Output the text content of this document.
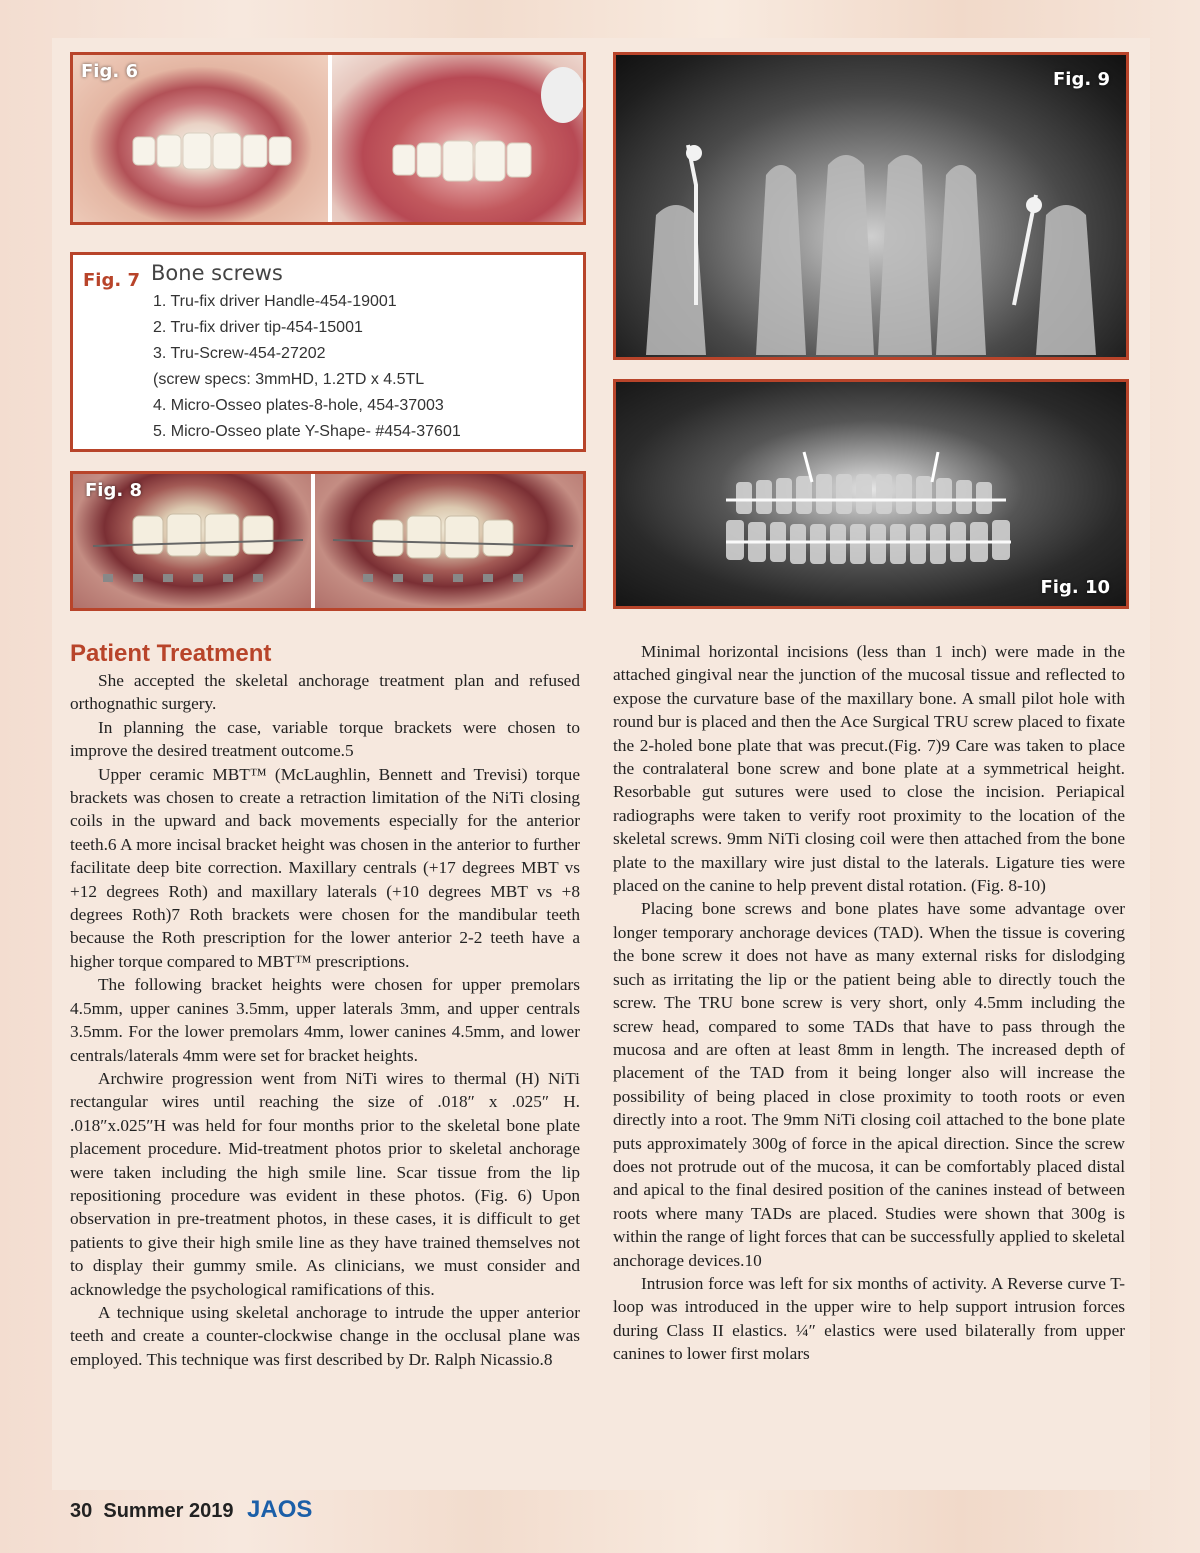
Fig. 6
Fig. 7 Bone screws
1. Tru-fix driver Handle-454-19001
2. Tru-fix driver tip-454-15001
3. Tru-Screw-454-27202
(screw specs: 3mmHD, 1.2TD x 4.5TL
4. Micro-Osseo plates-8-hole, 454-37003
5. Micro-Osseo plate Y-Shape- #454-37601
Fig. 8
Fig. 9
Fig. 10
Patient Treatment

She accepted the skeletal anchorage treatment plan and refused orthognathic surgery.

In planning the case, variable torque brackets were chosen to improve the desired treatment outcome.5

Upper ceramic MBT™ (McLaughlin, Bennett and Trevisi) torque brackets was chosen to create a retraction limitation of the NiTi closing coils in the upward and back movements especially for the anterior teeth.6 A more incisal bracket height was chosen in the anterior to further facilitate deep bite correction. Maxillary centrals (+17 degrees MBT vs +12 degrees Roth) and maxillary laterals (+10 degrees MBT vs +8 degrees Roth)7 Roth brackets were chosen for the mandibular teeth because the Roth prescription for the lower anterior 2-2 teeth have a higher torque compared to MBT™ prescriptions.

The following bracket heights were chosen for upper premolars 4.5mm, upper canines 3.5mm, upper laterals 3mm, and upper centrals 3.5mm. For the lower premolars 4mm, lower canines 4.5mm, and lower centrals/laterals 4mm were set for bracket heights.

Archwire progression went from NiTi wires to thermal (H) NiTi rectangular wires until reaching the size of .018″ x .025″ H. .018″x.025″H was held for four months prior to the skeletal bone plate placement procedure. Mid-treatment photos prior to skeletal anchorage were taken including the high smile line. Scar tissue from the lip repositioning procedure was evident in these photos. (Fig. 6) Upon observation in pre-treatment photos, in these cases, it is difficult to get patients to give their high smile line as they have trained themselves not to display their gummy smile. As clinicians, we must consider and acknowledge the psychological ramifications of this.

A technique using skeletal anchorage to intrude the upper anterior teeth and create a counter-clockwise change in the occlusal plane was employed. This technique was first described by Dr. Ralph Nicassio.8

Minimal horizontal incisions (less than 1 inch) were made in the attached gingival near the junction of the mucosal tissue and reflected to expose the curvature base of the maxillary bone. A small pilot hole with round bur is placed and then the Ace Surgical TRU screw placed to fixate the 2-holed bone plate that was precut.(Fig. 7)9 Care was taken to place the contralateral bone screw and bone plate at a symmetrical height. Resorbable gut sutures were used to close the incision. Periapical radiographs were taken to verify root proximity to the location of the skeletal screws. 9mm NiTi closing coil were then attached from the bone plate to the maxillary wire just distal to the laterals. Ligature ties were placed on the canine to help prevent distal rotation. (Fig. 8-10)

Placing bone screws and bone plates have some advantage over longer temporary anchorage devices (TAD). When the tissue is covering the bone screw it does not have as many external risks for dislodging such as irritating the lip or the patient being able to directly touch the screw. The TRU bone screw is very short, only 4.5mm including the screw head, compared to some TADs that have to pass through the mucosa and are often at least 8mm in length. The increased depth of placement of the TAD from it being longer also will increase the possibility of being placed in close proximity to tooth roots or even directly into a root. The 9mm NiTi closing coil attached to the bone plate puts approximately 300g of force in the apical direction. Since the screw does not protrude out of the mucosa, it can be comfortably placed distal and apical to the final desired position of the canines instead of between roots where many TADs are placed. Studies were shown that 300g is within the range of light forces that can be successfully applied to skeletal anchorage devices.10

Intrusion force was left for six months of activity. A Reverse curve T-loop was introduced in the upper wire to help support intrusion forces during Class II elastics. ¼″ elastics were used bilaterally from upper canines to lower first molars

30 Summer 2019 JAOS
